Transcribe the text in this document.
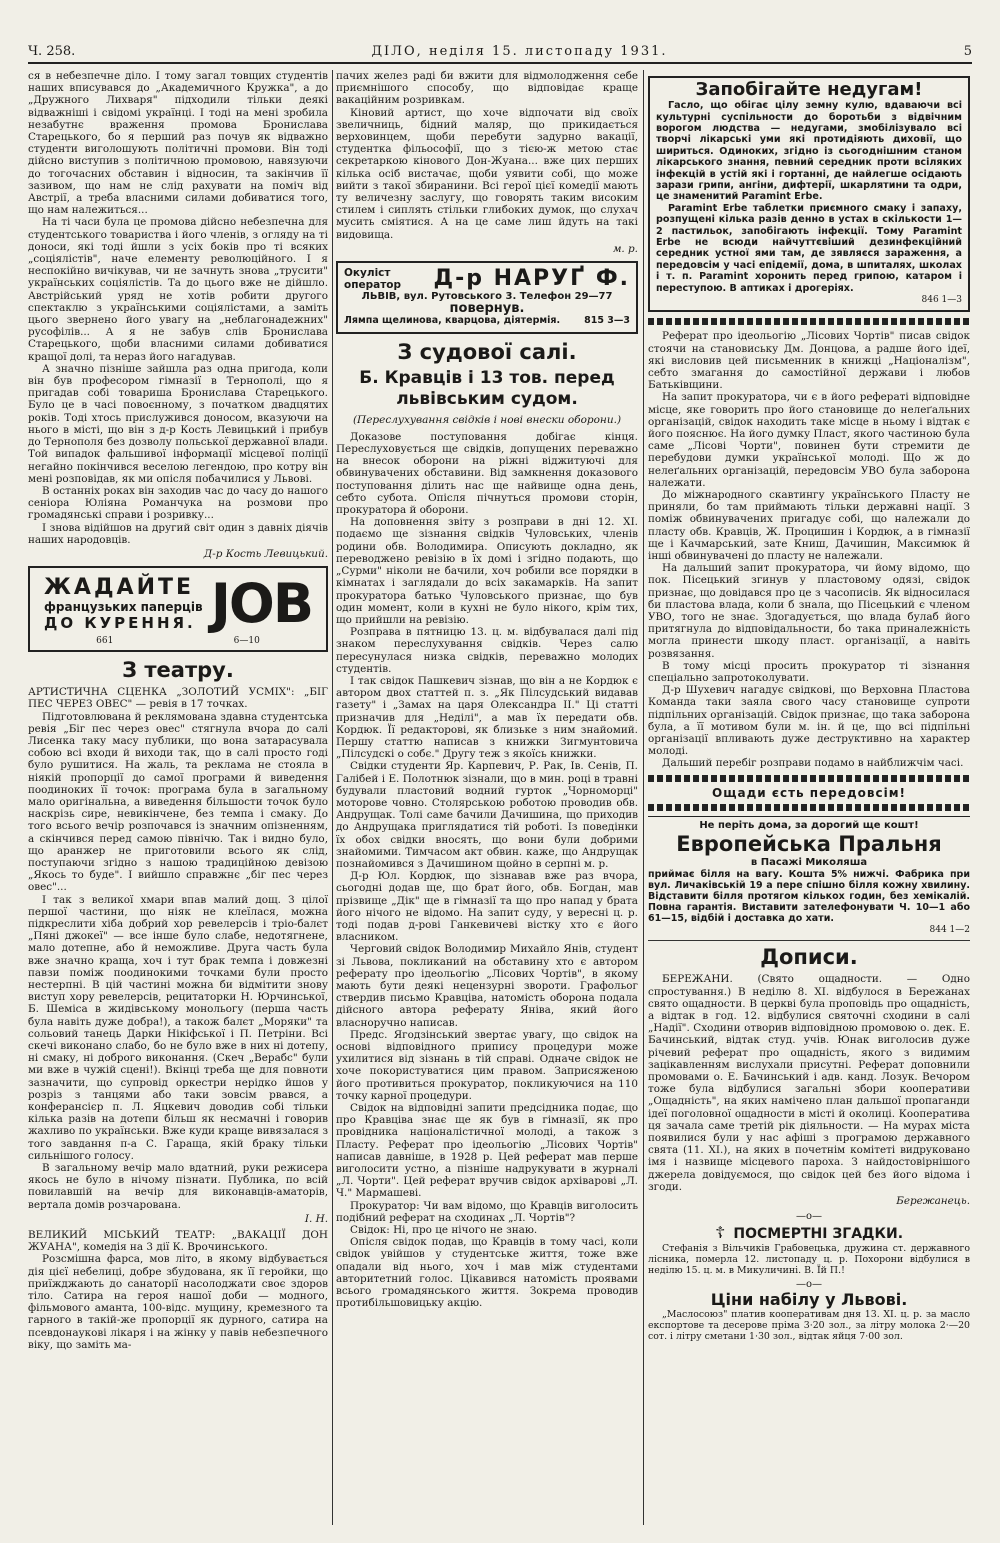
Ч. 258.	ДІЛО, неділя 15. листопаду 1931.	5

ся в небезпечне діло. І тому загал товщих студентів наших вписувався до „Академичного Кружка", а до „Дружного Лихваря" підходили тільки деякі відважніші і свідомі українці. І тоді на мені зробила незабутнє враження промова Бронислава Старецького, бо я перший раз почув як відважно студенти виголошують політичні промови. Він тоді дійсно виступив з політичною промовою, навязуючи до тогочасних обставин і відносин, та закінчив її зазивом, що нам не слід рахувати на поміч від Австрії, а треба власними силами добиватися того, що нам належиться...

На ті часи була це промова дійсно небезпечна для студентського товариства і його членів, з огляду на ті доноси, які тоді йшли з усіх боків про ті всяких „соціялістів", наче елементу революційного. І я неспокійно вичікував, чи не зачнуть знова „трусити" українських соціялістів. Та до цього вже не дійшло. Австрійський уряд не хотів робити другого спектаклю з українськими соціялістами, а заміть цього звернено його увагу на „неблагонадежних" русофілів... А я не забув слів Бронислава Старецького, щоби власними силами добиватися кращої долі, та нераз його нагадував.

А значно пізніше зайшла раз одна пригода, коли він був професором гімназії в Тернополі, що я пригадав собі товариша Бронислава Старецького. Було це в часі повоєнному, з початком двадцятих років. Тоді хтось прислужився доносом, вказуючи на нього в місті, що він з д-р Кость Левицький і прибув до Тернополя без дозволу польської державної влади. Той випадок фальшивої інформації місцевої поліції негайно покінчився веселою легендою, про котру він мені розповідав, як ми опісля побачилися у Львові.

В останніх роках він заходив час до часу до нашого сеніора Юліяна Романчука на розмови про громадянські справи і розривку...

І знова відійшов на другий світ один з давніх діячів наших народовців.

Д-р Кость Левицький.
ЖАДАЙТЕ
французьких паперців
ДО КУРЕННЯ. JOB
661	6—10
З театру.

АРТИСТИЧНА СЦЕНКА „ЗОЛОТИЙ УСМІХ": „БІГ ПЕС ЧЕРЕЗ ОВЕС" — ревія в 17 точках.

Підготовлювана й реклямована здавна студентська ревія „Біг пес через овес" стягнула вчора до салі Лисенка таку масу публики, що вона затарасувала собою всі входи й виходи так, що в салі просто годі було рушитися. На жаль, та реклама не стояла в ніякій пропорції до самої програми й виведення поодиноких її точок: програма була в загальному мало оригінальна, а виведення більшости точок було наскрізь сире, невикінчене, без темпа і смаку. До того всього вечір розпочався із значним опізненням, а скінчився перед самою північю. Так і видно було, що аранжер не приготовили всього як слід, поступаючи згідно з нашою традиційною девізою „Якось то буде". І вийшло справжнє „біг пес через овес"...

І так з великої хмари впав малий дощ. З цілої першої частини, що ніяк не клеїлася, можна підкреслити хіба добрий хор ревелерсів і тріо-балєт „Пяні джокеї" — все інше було слабе, недотягнене, мало дотепне, або й неможливе. Друга часть була вже значно краща, хоч і тут брак темпа і довжезні павзи поміж поодинокими точками були просто нестерпні. В цій частині можна би відмітити знову виступ хору ревелерсів, рецитаторки Н. Юрчинської, Б. Шеміса в жидівському монольогу (перша часть була навіть дуже добра!), а також балєт „Моряки" та сольовий танець Дарки Нікіфської і П. Петріни. Всі скечі виконано слабо, бо не було вже в них ні дотепу, ні смаку, ні доброго виконання. (Скеч „Верабс" були ми вже в чужій сцені!). Вкінці треба ще для повноти зазначити, що супровід оркестри нерідко йшов у розріз з танцями або таки зовсім рвався, а конферансієр п. Л. Яцкевич доводив собі тільки кілька разів на дотепи більш як несмачні і говорив жахливо по українськи. Вже куди краще вивязалася з того завдання п-а С. Гараща, якій браку тільки сильнішого голосу.

В загальному вечір мало вдатний, руки режисера якось не було в нічому пізнати. Публика, по всій повилавшій на вечір для виконавців-аматорів, вертала домів розчарована.

І. Н.

ВЕЛИКИЙ МІСЬКИЙ ТЕАТР: „ВАКАЦІЇ ДОН ЖУАНА", комедія на 3 дії К. Врочинського.

Розсмішна фарса, мов літо, в якому відбувається дія цієї небелиці, добре збудована, як її геройки, що приїжджають до санаторії насолоджати своє здоров тіло. Сатира на героя нашої доби — модного, фільмового аманта, 100-відс. мущину, кремезного та гарного в такій-же пропорції як дурного, сатира на псевдонаукові лікаря і на жінку у павів небезпечного віку, що заміть ма-

пачих желез раді би вжити для відмолодження себе приємнішого способу, що відповідає краще вакаційним розривкам.

Кіновий артист, що хоче відпочати від своїх звеличниць, бідний маляр, що прикидається верховинцем, щоби перебути задурно вакації, студентка фільософії, що з тією-ж метою стає секретаркою кінового Дон-Жуана... вже цих перших кілька осіб вистачає, щоби уявити собі, що може вийти з такої збиранини. Всі герої цієї комедії мають ту величезну заслугу, що говорять таким високим стилем і сиплять стільки глибоких думок, що слухач мусить сміятися. А на це саме лиш йдуть на такі видовища.

м. р.
Окуліст
оператор Д-р НАРУҐ Ф.
ЛЬВІВ, вул. Рутовського 3. Телефон 29—77
повернув.
Лямпа щелинова, кварцова, діятермія.	815 3—3
З судової салі.
Б. Кравців і 13 тов. перед львівським судом.
(Переслухування свідків і нові внески оборони.)

Доказове поступовання добігає кінця. Переслуховується ще свідків, допущених переважно на внесок оборони на ріжні віджитуючі для обвинувачених обставини. Від замкнення доказового поступовання ділить нас ще найвище одна день, себто субота. Опісля пічнуться промови сторін, прокуратора й оборони.

На доповнення звіту з розправи в дні 12. XI. подаємо ще зізнання свідків Чуловських, членів родини обв. Володимира. Описують докладно, як переводжено ревізію в їх домі і згідно подають, що „Сурми" ніколи не бачили, хоч робили все порядки в кімнатах і заглядали до всіх закамарків. На запит прокуратора батько Чуловського признає, що був один момент, коли в кухні не було нікого, крім тих, що прийшли на ревізію.

Розправа в пятницю 13. ц. м. відбувалася далі під знаком переслухування свідків. Через салю пересунулася низка свідків, переважно молодих студентів.

І так свідок Пашкевич зізнав, що він а не Кордюк є автором двох статтей п. з. „Як Пілсудський видавав газету" і „Замах на царя Олександра ІІ." Ці статті призначив для „Неділі", а мав їх передати обв. Кордюк. Її редакторові, як близьке з ним знайомий. Першу статтю написав з книжки Зигмунтовича „Пілсудскі о собє." Другу теж з якоїсь книжки.

Свідки студенти Яр. Карпевич, Р. Рак, Ів. Сенів, П. Галібей і Е. Полотнюк зізнали, що в мин. році в травні будували пластовий водний гурток „Чорноморці" моторове човно. Столярською роботою проводив обв. Андрущак. Толі саме бачили Дачишина, що приходив до Андрущака приглядатися тій роботі. Із поведінки їх обох свідки вносять, що вони були добрими знайомими. Тимчасом акт обвин. каже, що Андрущак познайомився з Дачишином щойно в серпні м. р.

Д-р Юл. Кордюк, що зізнавав вже раз вчора, сьогодні додав ще, що брат його, обв. Богдан, мав прізвище „Дік" ще в гімназії та що про напад у брата його нічого не відомо. На запит суду, у вересні ц. р. тоді подав д-рові Ганкевичеві вістку хто є його власником.

Черговий свідок Володимир Михайло Янів, студент зі Львова, покликаний на обставину хто є автором реферату про ідеольогію „Лісових Чортів", в якому мають бути деякі нецензурні звороти. Графольог ствердив письмо Кравціва, натомість оборона подала дійсного автора реферату Янівa, який його власноручно написав.

Предс. Ягодзінський звертає увагу, що свідок на основі відповідного припису процедури може ухилитися від зізнань в тій справі. Одначе свідок не хоче покористуватися цим правом. Заприсяженою його противиться прокуратор, покликуючися на 110 точку карної процедури.

Свідок на відповідні запити предсідника подає, що про Кравціва знає ще як був в гімназії, як про провідника націоналістичної молоді, а також з Пласту. Реферат про ідеольогію „Лісових Чортів" написав давніше, в 1928 р. Цей реферат мав перше виголосити устно, а пізніше надрукувати в журналі „Л. Чорти". Цей реферат вручив свідок архіварові „Л. Ч." Мармашеві.

Прокуратор: Чи вам відомо, що Кравців виголосить подібний реферат на сходинах „Л. Чортів"?

Свідок: Ні, про це нічого не знаю.

Опісля свідок подав, що Кравців в тому часі, коли свідок увійшов у студентське життя, тоже вже опадали від нього, хоч і мав між студентами авторитетний голос. Цікавився натомість проявами всього громадянського життя. Зокрема проводив протибільшовицьку акцію.

Запобігайте недугам!

Гасло, що обігає цілу земну кулю, вдаваючи всі культурні суспільности до боротьби з відвічним ворогом людства — недугами, змобілізувало всі творчі лікарські уми які протидіяють диховії, що шириться. Одиноких, згідно із сьогоднішним станом лікарського знання, певний середник проти всіляких інфекцій в устій які і гортанні, де найлегше осідають зарази грипи, ангіни, дифтерії, шкарлятини та одри, це знаменитий Paramint Erbe.

Paramint Erbe таблетки приємного смаку і запаху, розпущені кілька разів денно в устах в скількости 1—2 пастильок, запобігають інфекції. Тому Paramint Erbe не всюди найчуттєвіший дезинфекційний середник устної ями там, де зявляєся зараження, а передовсім у часі епідемії, дома, в шпиталях, школах і т. п. Paramint хоронить перед грипою, катаром і переступою. В аптиках і дрогеріях.

846 1—3

Реферат про ідеольогію „Лісових Чортів" писав свідок стоячи на становиську Дм. Донцова, а радше його ідеї, які висловив цей письменник в книжці „Націоналізм", себто змагання до самостійної держави і любов Батьківщини.

На запит прокуратора, чи є в його рефераті відповідне місце, яке говорить про його становище до нелеґальних організацій, свідок находить таке місце в ньому і відтак є його пояснює. На його думку Пласт, якого частиною була саме „Лісові Чорти", повинен бути стремити де перебудови думки української молоді. Що ж до нелеґальних організацій, передовсім УВО була заборона належати.

До міжнародного скавтингу українського Пласту не приняли, бо там приймають тільки державні нації. З поміж обвинувачених пригадує собі, що належали до пласту обв. Кравців, Ж. Процишин і Кордюк, а в гімназії ще і Качмарський, зате Книш, Дачишин, Максимюк й інші обвинувачені до пласту не належали.

На дальший запит прокуратора, чи йому відомо, що пок. Пісецький згинув у пластовому одязі, свідок признає, що довідався про це з часописів. Як відносилася би пластова влада, коли б знала, що Пісецький є членом УВО, того не знає. Здогадується, що влада булаб його притягнула до відповідальности, бо така приналежність могла принести шкоду пласт. організації, а навіть розвязання.

В тому місці просить прокуратор ті зізнання спеціально запротоколувати.

Д-р Шухевич нагадує свідкові, що Верховна Пластова Команда таки заяла свого часу становище супроти підпільних організацій. Свідок признає, що така заборона була, а її мотивом були м. ін. й це, що всі підпільні організації впливають дуже деструктивно на характер молоді.

Дальший перебіг розправи подамо в найближчім часі.

Ощади єсть передовсім!
Не періть дома, за дорогий ще кошт!
Европейська Пральня
в Пасажі Миколяша
приймає білля на вагу. Кошта 5% нижчі. Фабрика при вул. Личаківській 19 а пере спішно білля кожну хвилину. Відставити білля протягом кількох годин, без хемікалій. Повна гарантія. Виставити зателефонувати Ч. 10—1 або 61—15, відбій і доставка до хати.
844 1—2
Дописи.

БЕРЕЖАНИ. (Свято ощадности. — Одно спростування.) В неділю 8. XI. відбулося в Бережанах свято ощадности. В церкві була проповідь про ощадність, а відтак в год. 12. відбулися святочні сходини в салі „Надії". Сходини отворив відповідною промовою о. дек. Е. Бачинський, відтак студ. учів. Юнак виголосив дуже річевий реферат про ощадність, якого з видимим зацікавленням вислухали присутні. Реферат доповнили промовами о. Е. Бачинський і адв. канд. Лозук. Вечором тоже була відбулися загальні збори кооперативи „Ощадність", на яких намічено план дальшої пропаганди ідеї поголовної ощадности в місті й околиці. Кооператива ця зачала саме третій рік діяльности. — На мурах міста появилися були у нас афіші з програмою державного свята (11. XI.), на яких в почетнім комітеті видруковано імя і назвище місцевого пароха. З найдостовірнішого джерела довідуємося, що свідок цей без його відома і згоди.

Бережанець.
—o—
☦ ПОСМЕРТНІ ЗГАДКИ.

Стефанія з Вільчиків Грабовецька, дружина ст. державного лісника, померла 12. листопаду ц. р. Похорони відбулися в неділю 15. ц. м. в Микуличині. В. Їй П.!

—o—
Ціни набілу у Львові.

„Маслосоюз" платив кооперативам дня 13. XI. ц. р. за масло експортове та десерове пріма 3·20 зол., за літру молока 2·—20 сот. і літру сметани 1·30 зол., відтак яйця 7·00 зол.
